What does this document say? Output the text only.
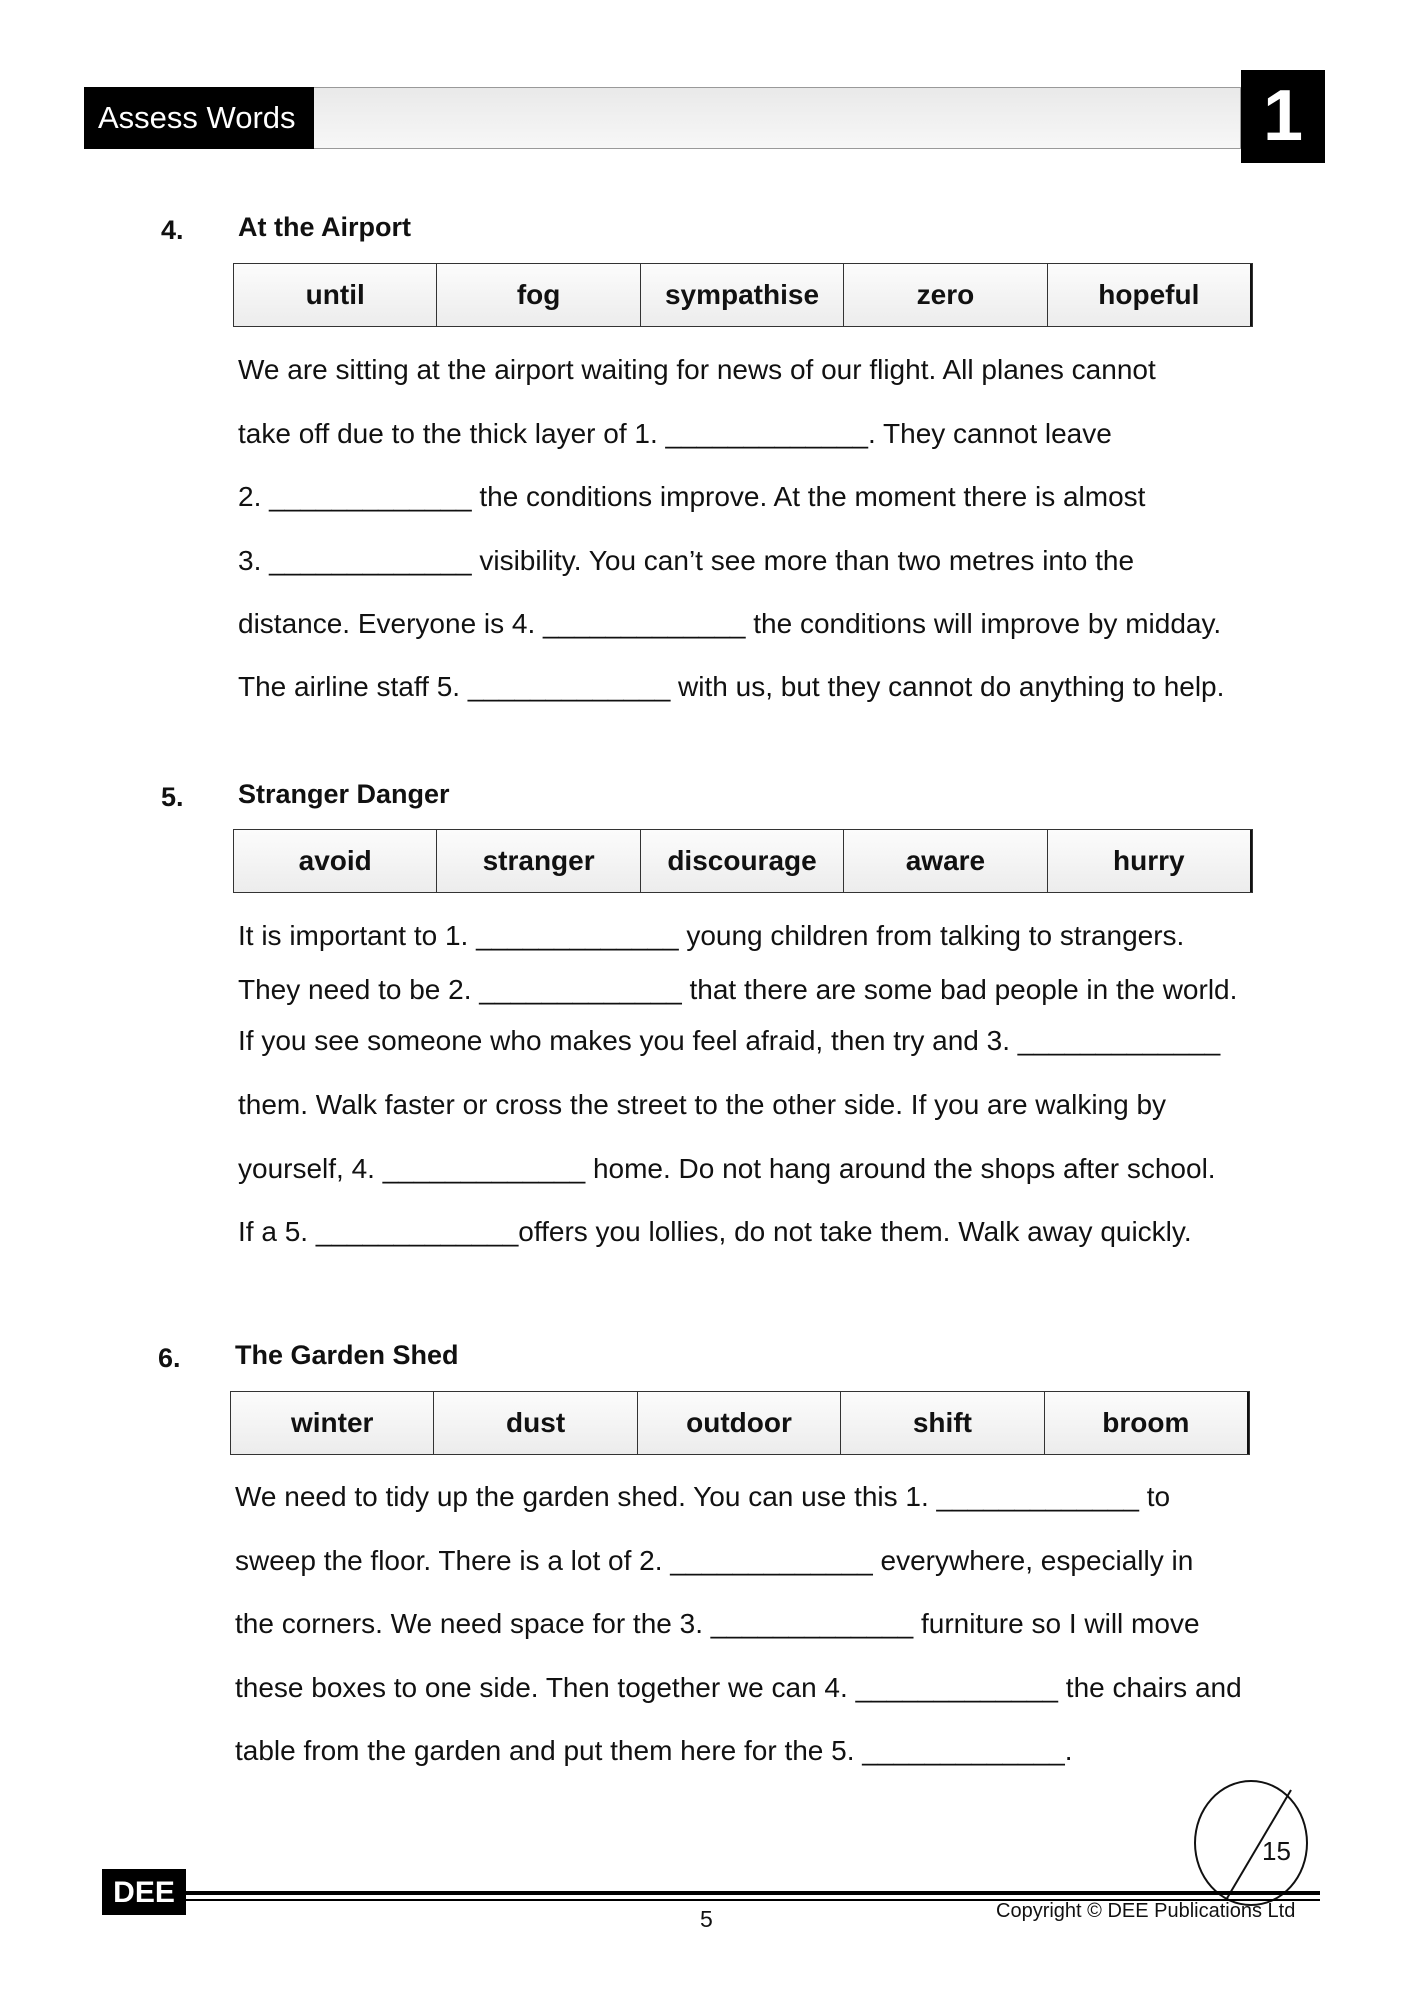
Assess Words 5
1
4. At the Airport
until	fog	sympathise	zero	hopeful
We are sitting at the airport waiting for news of our flight. All planes cannot
take off due to the thick layer of 1. _____________. They cannot leave
2. _____________ the conditions improve. At the moment there is almost
3. _____________ visibility. You can’t see more than two metres into the
distance. Everyone is 4. _____________ the conditions will improve by midday.
The airline staff 5. _____________ with us, but they cannot do anything to help.
5. Stranger Danger
avoid	stranger	discourage	aware	hurry
It is important to 1. _____________ young children from talking to strangers.
They need to be 2. _____________ that there are some bad people in the world.
If you see someone who makes you feel afraid, then try and 3. _____________
them. Walk faster or cross the street to the other side. If you are walking by
yourself, 4. _____________ home. Do not hang around the shops after school.
If a 5. _____________offers you lollies, do not take them. Walk away quickly.
6. The Garden Shed
winter	dust	outdoor	shift	broom
We need to tidy up the garden shed. You can use this 1. _____________ to
sweep the floor. There is a lot of 2. _____________ everywhere, especially in
the corners. We need space for the 3. _____________ furniture so I will move
these boxes to one side. Then together we can 4. _____________ the chairs and
table from the garden and put them here for the 5. _____________.
15
DEE
5	Copyright © DEE Publications Ltd
